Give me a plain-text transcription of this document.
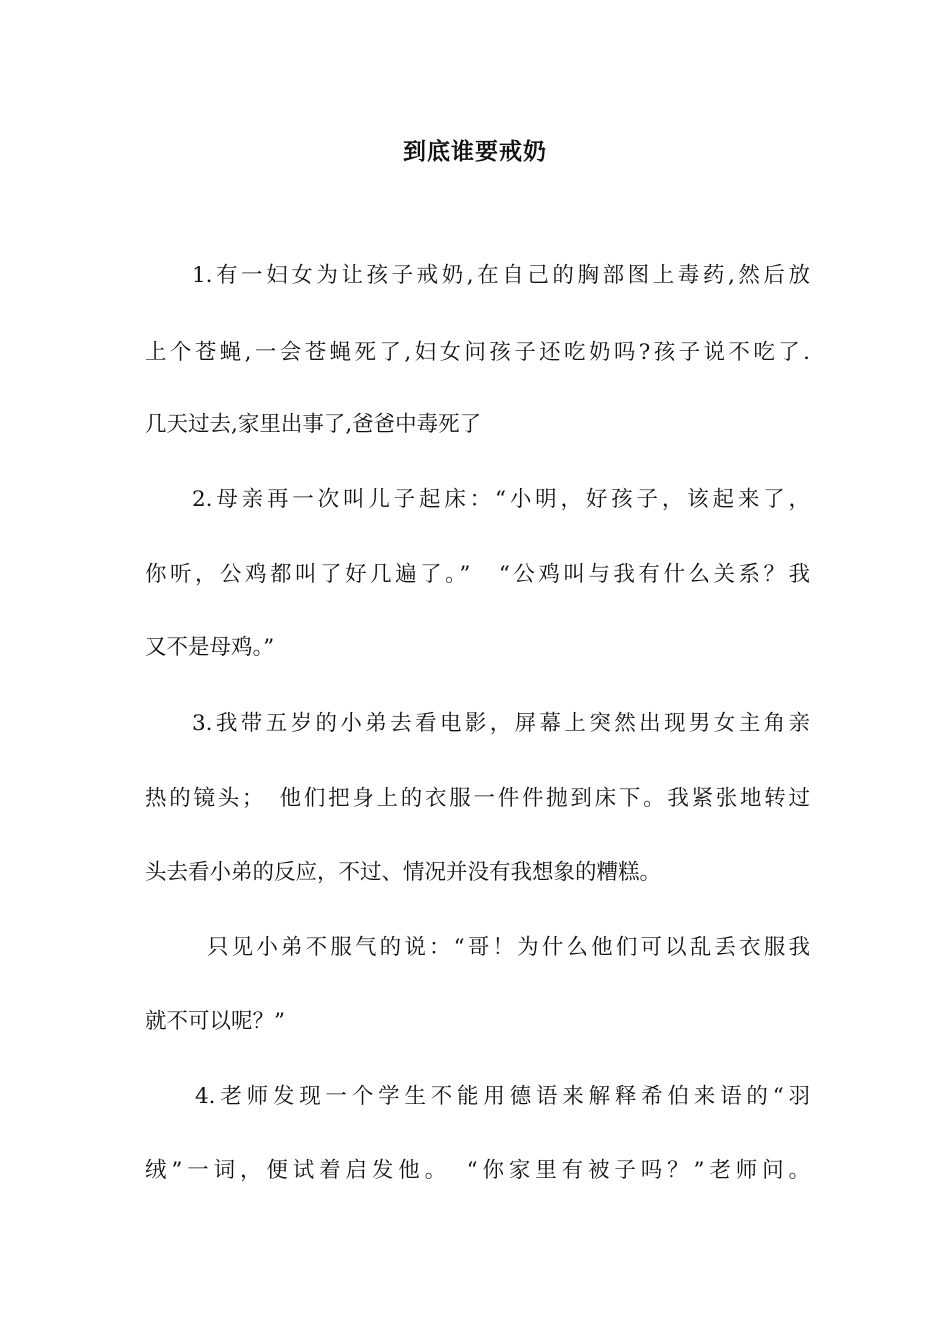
到底谁要戒奶
1.有一妇女为让孩子戒奶,在自己的胸部图上毒药,然后放
上个苍蝇,一会苍蝇死了,妇女问孩子还吃奶吗?孩子说不吃了.
几天过去,家里出事了,爸爸中毒死了
2.母亲再一次叫儿子起床：“小明，好孩子，该起来了，
你听，公鸡都叫了好几遍了。”　“公鸡叫与我有什么关系？我
又不是母鸡。”
3.我带五岁的小弟去看电影，屏幕上突然出现男女主角亲
热的镜头；　他们把身上的衣服一件件抛到床下。我紧张地转过
头去看小弟的反应，不过、情况并没有我想象的糟糕。
只见小弟不服气的说：“哥！为什么他们可以乱丢衣服我
就不可以呢？”
4.老师发现一个学生不能用德语来解释希伯来语的“羽
绒”一词，便试着启发他。　“你家里有被子吗？”老师问。
